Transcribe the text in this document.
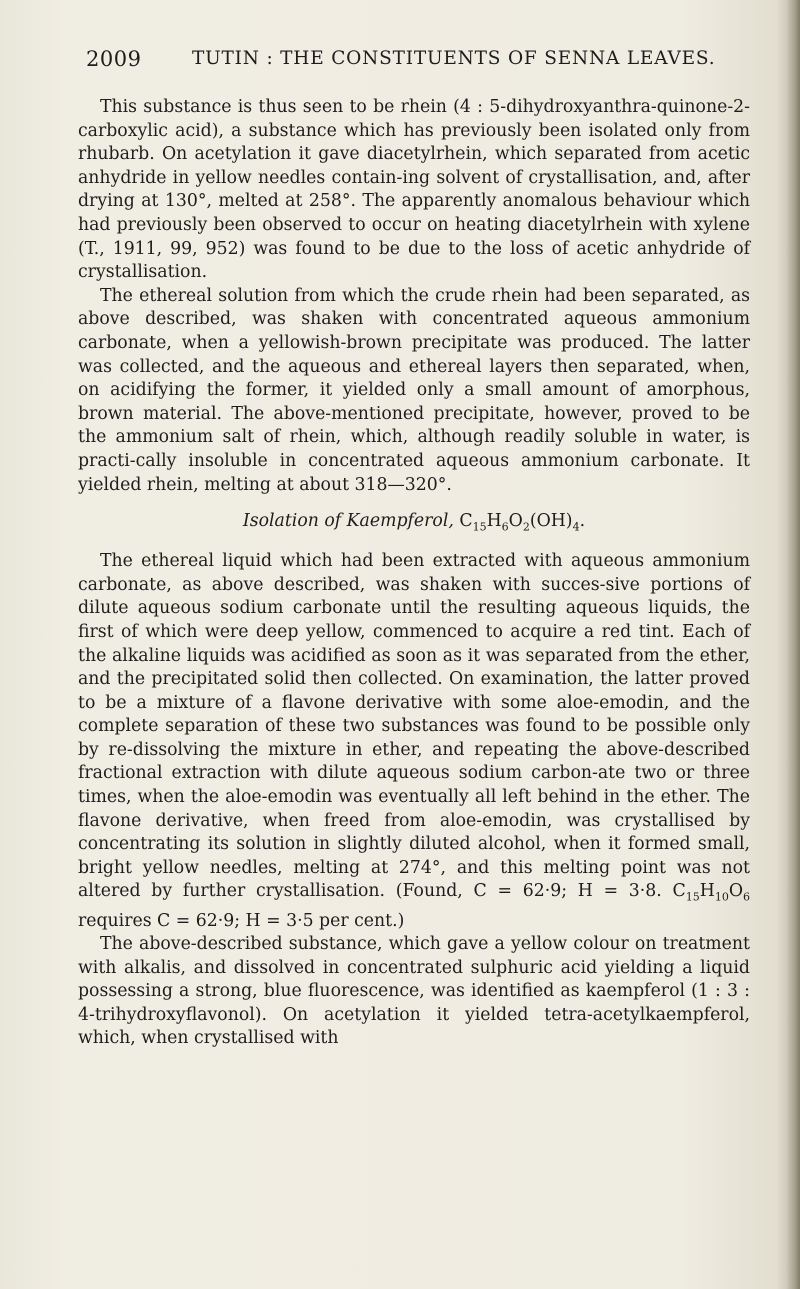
2009	TUTIN : THE CONSTITUENTS OF SENNA LEAVES.

This substance is thus seen to be rhein (4 : 5-dihydroxyanthra-quinone-2-carboxylic acid), a substance which has previously been isolated only from rhubarb. On acetylation it gave diacetylrhein, which separated from acetic anhydride in yellow needles contain-ing solvent of crystallisation, and, after drying at 130°, melted at 258°. The apparently anomalous behaviour which had previously been observed to occur on heating diacetylrhein with xylene (T., 1911, 99, 952) was found to be due to the loss of acetic anhydride of crystallisation.

The ethereal solution from which the crude rhein had been separated, as above described, was shaken with concentrated aqueous ammonium carbonate, when a yellowish-brown precipitate was produced. The latter was collected, and the aqueous and ethereal layers then separated, when, on acidifying the former, it yielded only a small amount of amorphous, brown material. The above-mentioned precipitate, however, proved to be the ammonium salt of rhein, which, although readily soluble in water, is practi-cally insoluble in concentrated aqueous ammonium carbonate. It yielded rhein, melting at about 318—320°.

Isolation of Kaempferol, $C_{15}H_6O_2(OH)_4$.

The ethereal liquid which had been extracted with aqueous ammonium carbonate, as above described, was shaken with succes-sive portions of dilute aqueous sodium carbonate until the resulting aqueous liquids, the first of which were deep yellow, commenced to acquire a red tint. Each of the alkaline liquids was acidified as soon as it was separated from the ether, and the precipitated solid then collected. On examination, the latter proved to be a mixture of a flavone derivative with some aloe-emodin, and the complete separation of these two substances was found to be possible only by re-dissolving the mixture in ether, and repeating the above-described fractional extraction with dilute aqueous sodium carbon-ate two or three times, when the aloe-emodin was eventually all left behind in the ether. The flavone derivative, when freed from aloe-emodin, was crystallised by concentrating its solution in slightly diluted alcohol, when it formed small, bright yellow needles, melting at 274°, and this melting point was not altered by further crystallisation. (Found, C = 62·9; H = 3·8. $C_{15}H_{10}O_6$ requires C = 62·9; H = 3·5 per cent.)

The above-described substance, which gave a yellow colour on treatment with alkalis, and dissolved in concentrated sulphuric acid yielding a liquid possessing a strong, blue fluorescence, was identified as kaempferol (1 : 3 : 4-trihydroxyflavonol). On acetylation it yielded tetra-acetylkaempferol, which, when crystallised with
